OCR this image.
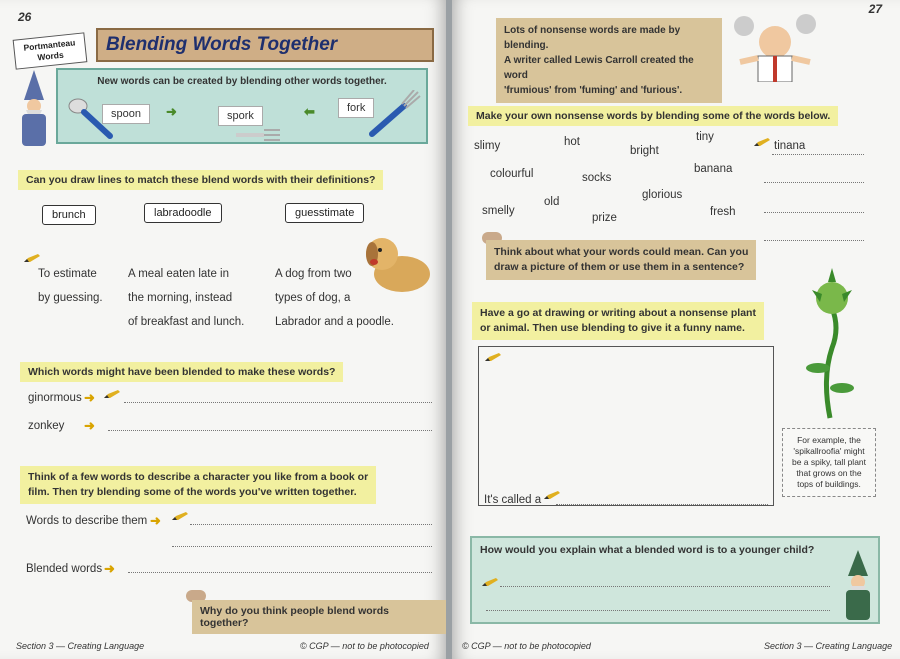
26
Blending Words Together
Portmanteau Words
New words can be created by blending other words together.
spoon	➜	spork	⬅	fork
Can you draw lines to match these blend words with their definitions?
brunch	labradoodle	guesstimate
To estimate
by guessing.
A meal eaten late in
the morning, instead
of breakfast and lunch.
A dog from two
types of dog, a
Labrador and a poodle.
Which words might have been blended to make these words?
ginormous ➜
zonkey ➜
Think of a few words to describe a character you like from a book or
film. Then try blending some of the words you've written together.
Words to describe them ➜
Blended words ➜
Why do you think people blend words together?
Section 3 — Creating Language	© CGP — not to be photocopied
27
Lots of nonsense words are made by blending.
A writer called Lewis Carroll created the word
'frumious' from 'fuming' and 'furious'.
Make your own nonsense words by blending some of the words below.
slimy	hot
bright
tiny
colourful	socks
banana
old
glorious
smelly
prize	fresh
tinana
Think about what your words could mean. Can you
draw a picture of them or use them in a sentence?
Have a go at drawing or writing about a nonsense plant
or animal. Then use blending to give it a funny name.
It's called a
For example, the
'spikallroofia' might
be a spiky, tall plant
that grows on the
tops of buildings.
How would you explain what a blended word is to a younger child?
© CGP — not to be photocopied	Section 3 — Creating Language
